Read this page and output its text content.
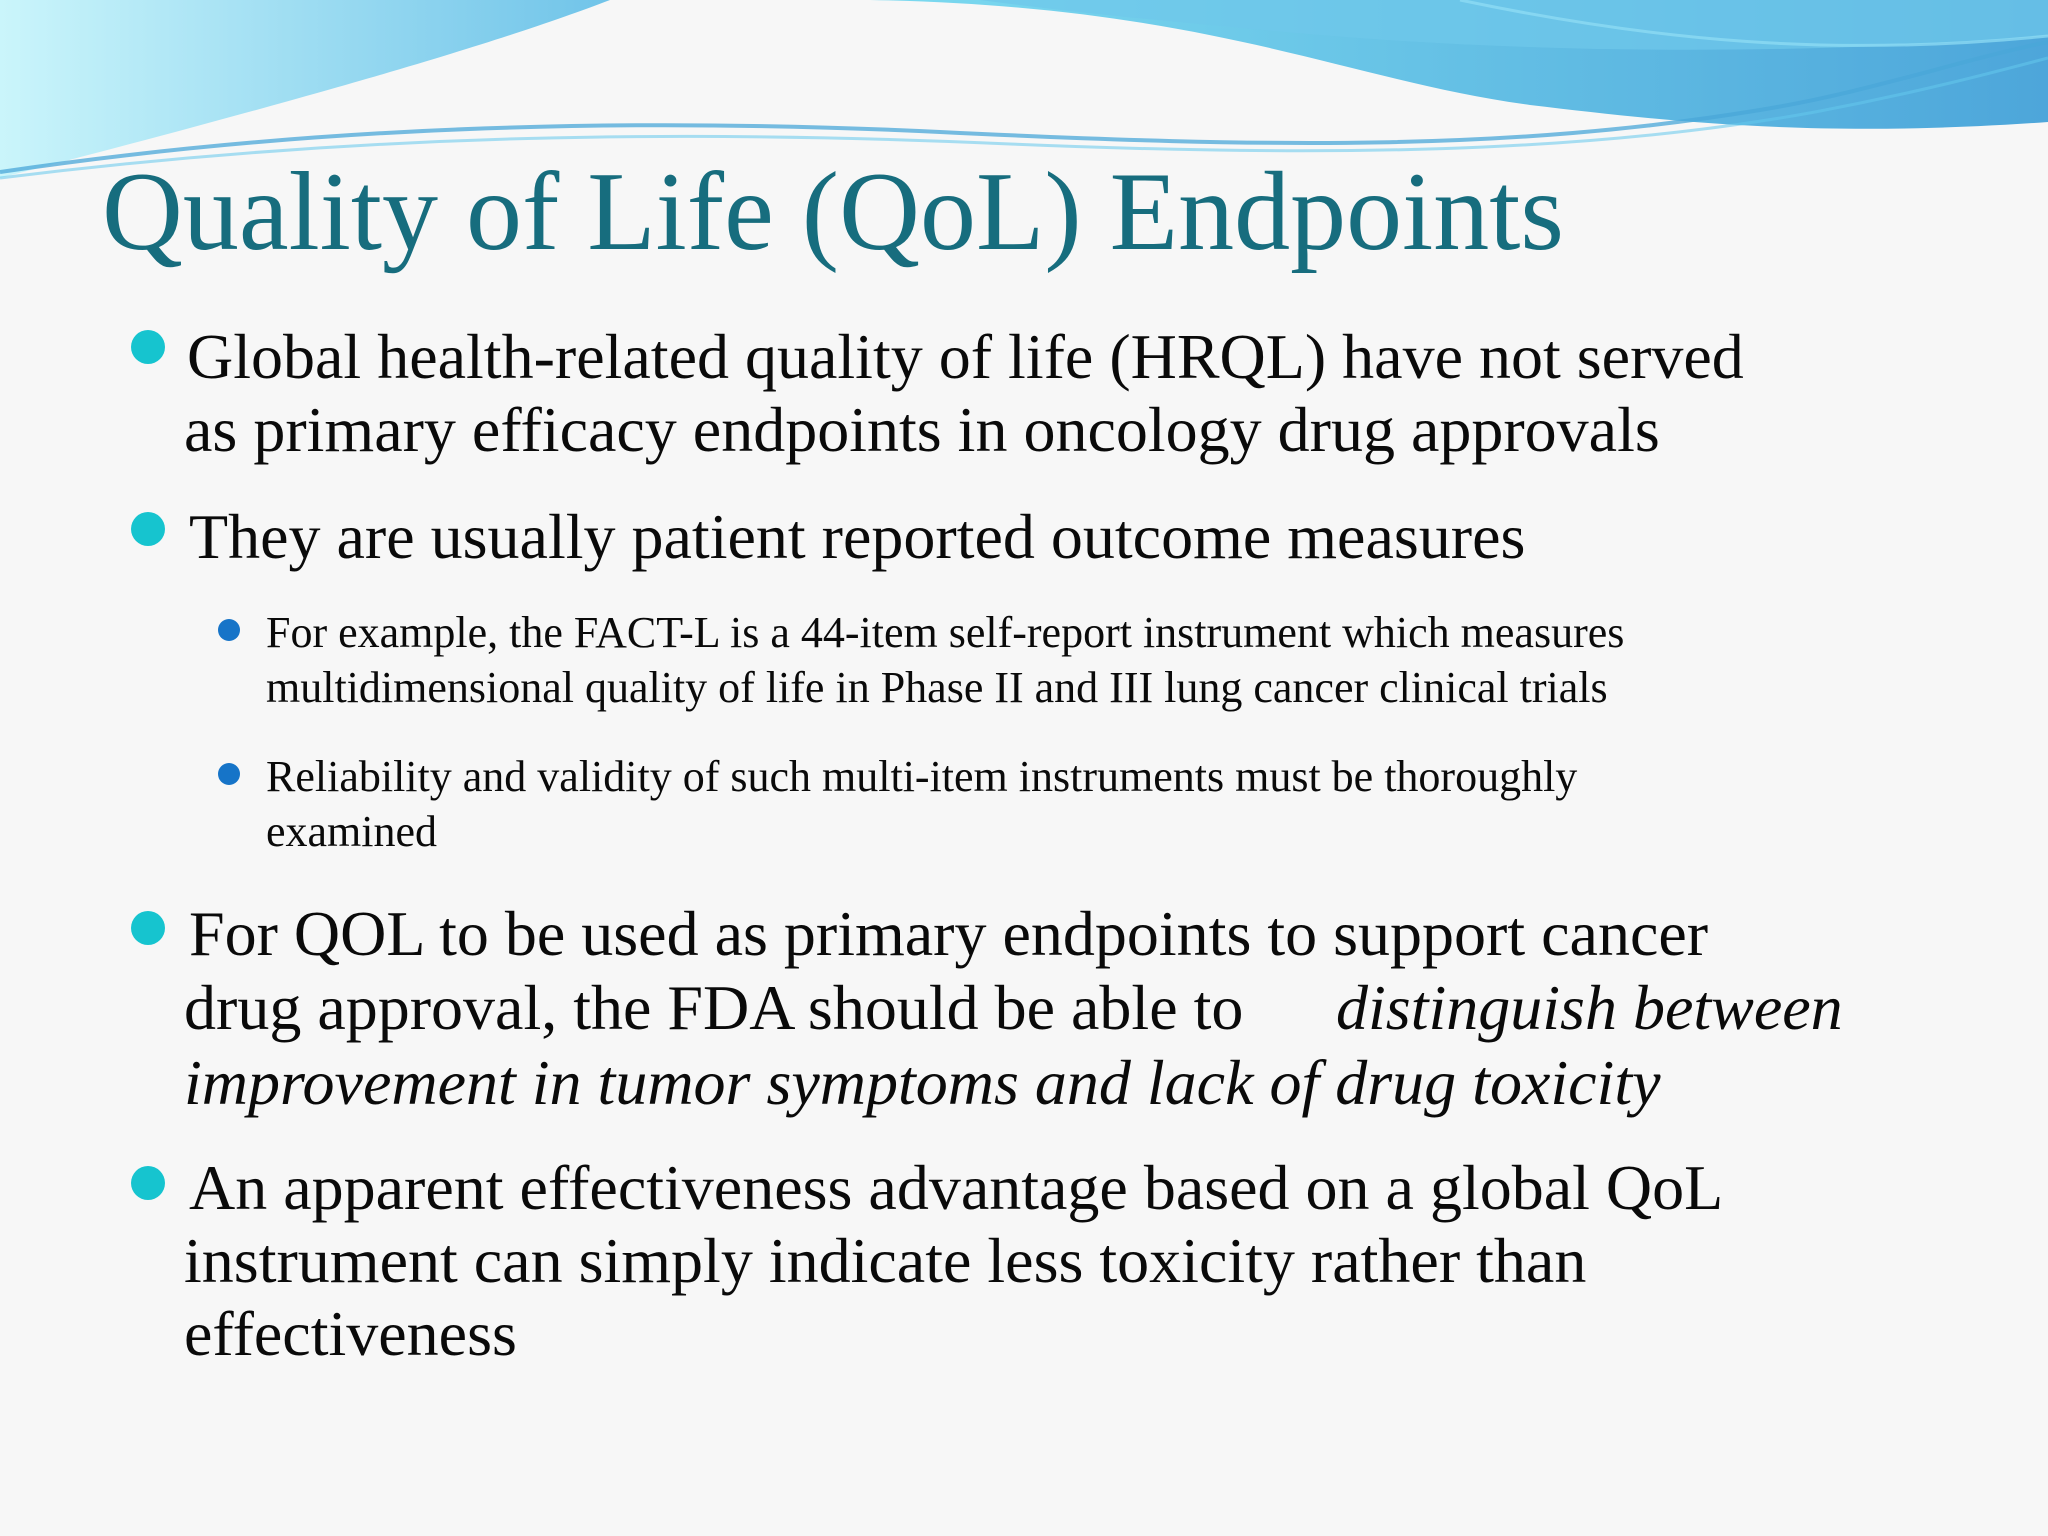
Quality of Life (QoL) Endpoints
Global health-related quality of life (HRQL) have not served
as primary efficacy endpoints in oncology drug approvals
They are usually patient reported outcome measures
For example, the FACT-L is a 44-item self-report instrument which measures
multidimensional quality of life in Phase II and III lung cancer clinical trials
Reliability and validity of such multi-item instruments must be thoroughly
examined
For QOL to be used as primary endpoints to support cancer
drug approval, the FDA should be able to distinguish between
improvement in tumor symptoms and lack of drug toxicity
An apparent effectiveness advantage based on a global QoL
instrument can simply indicate less toxicity rather than
effectiveness
